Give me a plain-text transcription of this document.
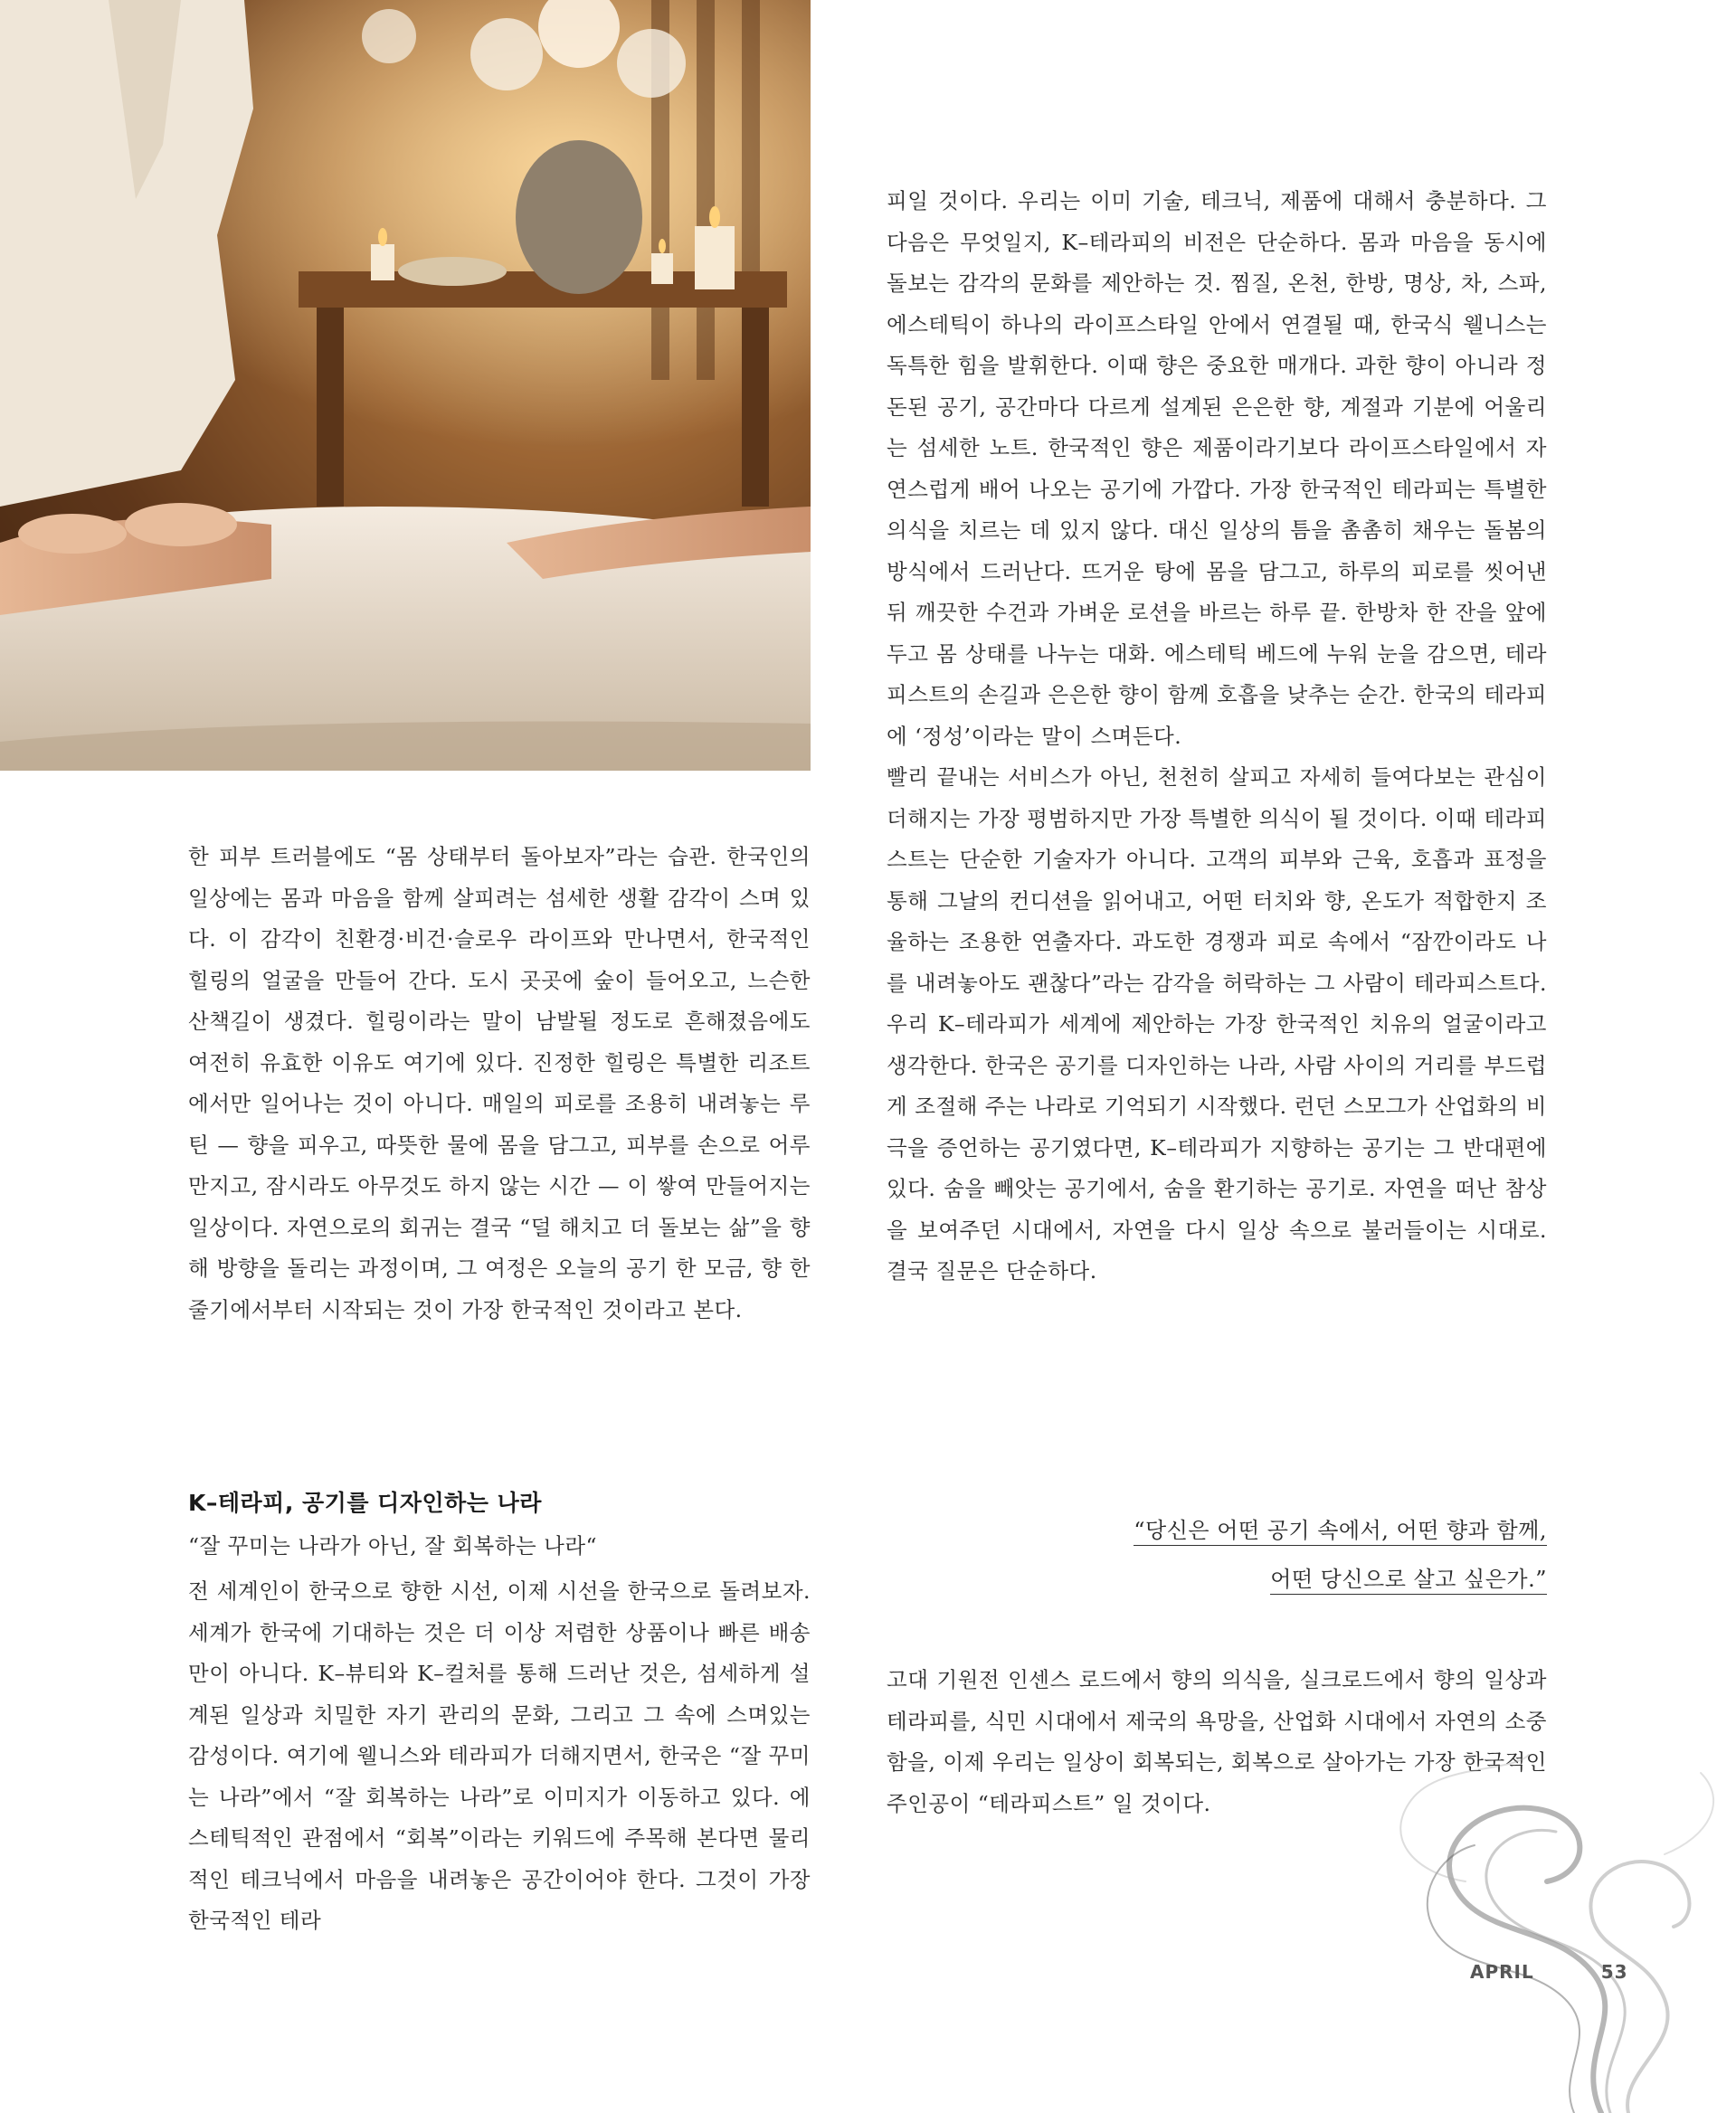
한 피부 트러블에도 “몸 상태부터 돌아보자”라는 습관. 한국인의 일상에는 몸과 마음을 함께 살피려는 섬세한 생활 감각이 스며 있다. 이 감각이 친환경·비건·슬로우 라이프와 만나면서, 한국적인 힐링의 얼굴을 만들어 간다. 도시 곳곳에 숲이 들어오고, 느슨한 산책길이 생겼다. 힐링이라는 말이 남발될 정도로 흔해졌음에도 여전히 유효한 이유도 여기에 있다. 진정한 힐링은 특별한 리조트에서만 일어나는 것이 아니다. 매일의 피로를 조용히 내려놓는 루틴 — 향을 피우고, 따뜻한 물에 몸을 담그고, 피부를 손으로 어루만지고, 잠시라도 아무것도 하지 않는 시간 — 이 쌓여 만들어지는 일상이다. 자연으로의 회귀는 결국 “덜 해치고 더 돌보는 삶”을 향해 방향을 돌리는 과정이며, 그 여정은 오늘의 공기 한 모금, 향 한 줄기에서부터 시작되는 것이 가장 한국적인 것이라고 본다.

K–테라피, 공기를 디자인하는 나라
“잘 꾸미는 나라가 아닌, 잘 회복하는 나라“

전 세계인이 한국으로 향한 시선, 이제 시선을 한국으로 돌려보자. 세계가 한국에 기대하는 것은 더 이상 저렴한 상품이나 빠른 배송만이 아니다. K–뷰티와 K–컬처를 통해 드러난 것은, 섬세하게 설계된 일상과 치밀한 자기 관리의 문화, 그리고 그 속에 스며있는 감성이다. 여기에 웰니스와 테라피가 더해지면서, 한국은 “잘 꾸미는 나라”에서 “잘 회복하는 나라”로 이미지가 이동하고 있다. 에스테틱적인 관점에서 “회복”이라는 키워드에 주목해 본다면 물리적인 테크닉에서 마음을 내려놓은 공간이어야 한다. 그것이 가장 한국적인 테라

피일 것이다. 우리는 이미 기술, 테크닉, 제품에 대해서 충분하다. 그다음은 무엇일지, K–테라피의 비전은 단순하다. 몸과 마음을 동시에 돌보는 감각의 문화를 제안하는 것. 찜질, 온천, 한방, 명상, 차, 스파, 에스테틱이 하나의 라이프스타일 안에서 연결될 때, 한국식 웰니스는 독특한 힘을 발휘한다. 이때 향은 중요한 매개다. 과한 향이 아니라 정돈된 공기, 공간마다 다르게 설계된 은은한 향, 계절과 기분에 어울리는 섬세한 노트. 한국적인 향은 제품이라기보다 라이프스타일에서 자연스럽게 배어 나오는 공기에 가깝다. 가장 한국적인 테라피는 특별한 의식을 치르는 데 있지 않다. 대신 일상의 틈을 촘촘히 채우는 돌봄의 방식에서 드러난다. 뜨거운 탕에 몸을 담그고, 하루의 피로를 씻어낸 뒤 깨끗한 수건과 가벼운 로션을 바르는 하루 끝. 한방차 한 잔을 앞에 두고 몸 상태를 나누는 대화. 에스테틱 베드에 누워 눈을 감으면, 테라피스트의 손길과 은은한 향이 함께 호흡을 낮추는 순간. 한국의 테라피에 ‘정성’이라는 말이 스며든다.

빨리 끝내는 서비스가 아닌, 천천히 살피고 자세히 들여다보는 관심이 더해지는 가장 평범하지만 가장 특별한 의식이 될 것이다. 이때 테라피스트는 단순한 기술자가 아니다. 고객의 피부와 근육, 호흡과 표정을 통해 그날의 컨디션을 읽어내고, 어떤 터치와 향, 온도가 적합한지 조율하는 조용한 연출자다. 과도한 경쟁과 피로 속에서 “잠깐이라도 나를 내려놓아도 괜찮다”라는 감각을 허락하는 그 사람이 테라피스트다. 우리 K–테라피가 세계에 제안하는 가장 한국적인 치유의 얼굴이라고 생각한다. 한국은 공기를 디자인하는 나라, 사람 사이의 거리를 부드럽게 조절해 주는 나라로 기억되기 시작했다. 런던 스모그가 산업화의 비극을 증언하는 공기였다면, K–테라피가 지향하는 공기는 그 반대편에 있다. 숨을 빼앗는 공기에서, 숨을 환기하는 공기로. 자연을 떠난 참상을 보여주던 시대에서, 자연을 다시 일상 속으로 불러들이는 시대로. 결국 질문은 단순하다.

“당신은 어떤 공기 속에서, 어떤 향과 함께,
어떤 당신으로 살고 싶은가.”

고대 기원전 인센스 로드에서 향의 의식을, 실크로드에서 향의 일상과 테라피를, 식민 시대에서 제국의 욕망을, 산업화 시대에서 자연의 소중함을, 이제 우리는 일상이 회복되는, 회복으로 살아가는 가장 한국적인 주인공이 “테라피스트” 일 것이다.

APRIL	53
